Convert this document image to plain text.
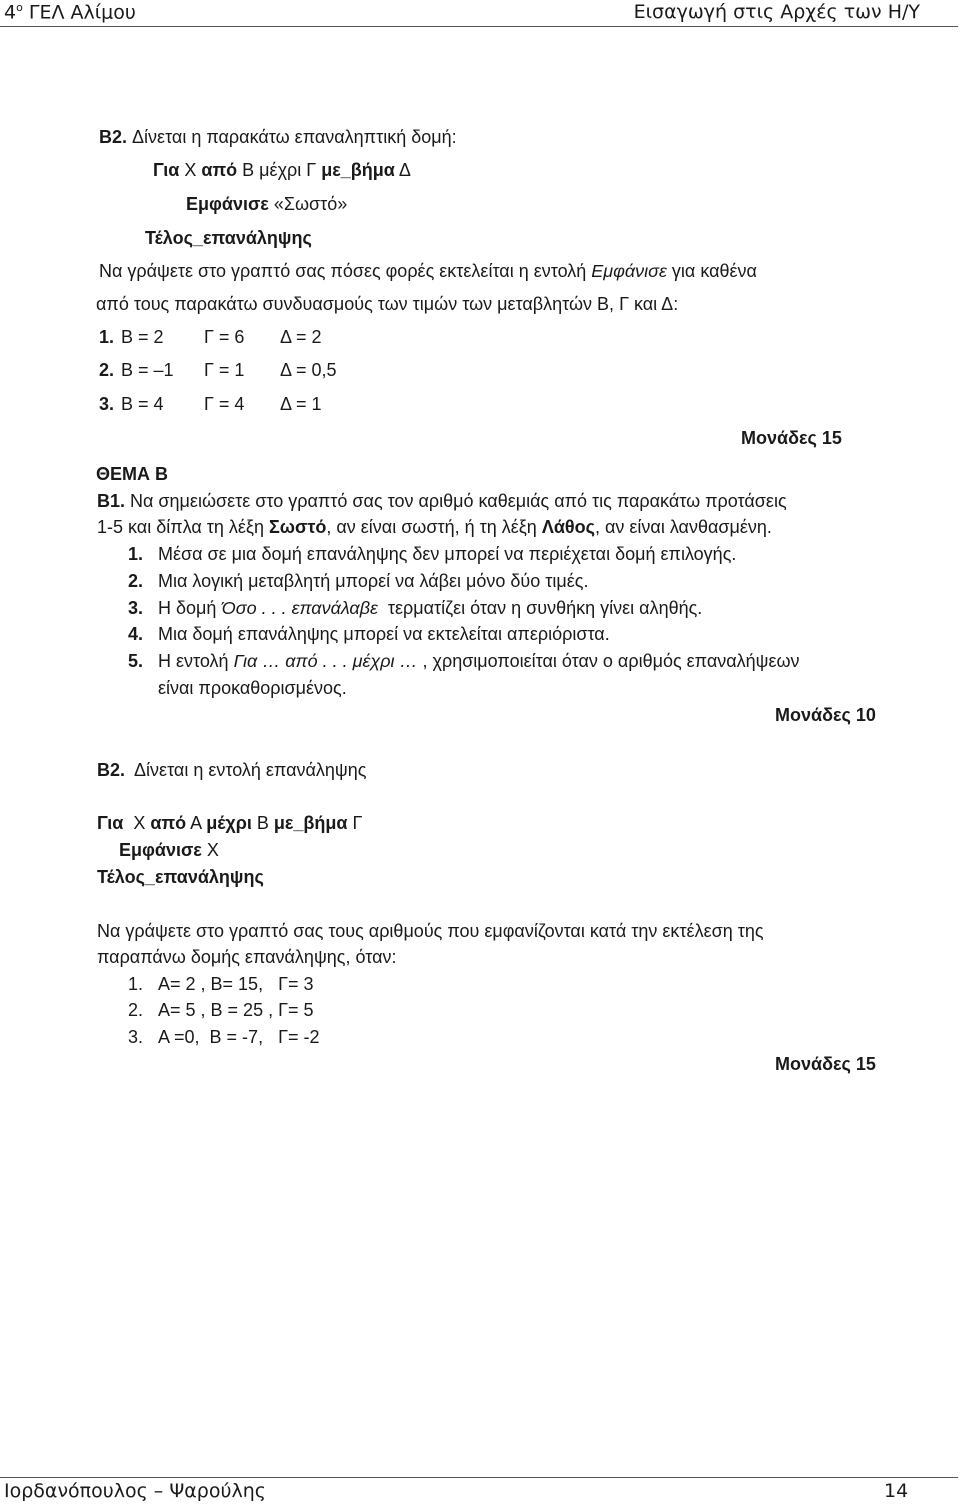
$4^o$ ΓΕΛ Αλίμου	Εισαγωγή στις Αρχές των Η/Υ
B2. Δίνεται η παρακάτω επαναληπτική δομή:
Για Χ από Β μέχρι Γ με_βήμα Δ
Εμφάνισε «Σωστό»
Τέλος_επανάληψης
Να γράψετε στο γραπτό σας πόσες φορές εκτελείται η εντολή Εμφάνισε για καθένα
από τους παρακάτω συνδυασμούς των τιμών των μεταβλητών Β, Γ και Δ:
1. Β = 2 Γ = 6 Δ = 2
2. Β = –1 Γ = 1 Δ = 0,5
3. Β = 4 Γ = 4 Δ = 1
Μονάδες 15
ΘΕΜΑ Β
Β1. Να σημειώσετε στο γραπτό σας τον αριθμό καθεμιάς από τις παρακάτω προτάσεις
1-5 και δίπλα τη λέξη Σωστό, αν είναι σωστή, ή τη λέξη Λάθος, αν είναι λανθασμένη.
1. Μέσα σε μια δομή επανάληψης δεν μπορεί να περιέχεται δομή επιλογής.
2. Μια λογική μεταβλητή μπορεί να λάβει μόνο δύο τιμές.
3. Η δομή Όσο . . . επανάλαβε  τερματίζει όταν η συνθήκη γίνει αληθής.
4. Μια δομή επανάληψης μπορεί να εκτελείται απεριόριστα.
5. Η εντολή Για … από . . . μέχρι … , χρησιμοποιείται όταν ο αριθμός επαναλήψεων
είναι προκαθορισμένος.
Μονάδες 10
Β2.  Δίνεται η εντολή επανάληψης
Για  Χ από Α μέχρι Β με_βήμα Γ
Εμφάνισε Χ
Τέλος_επανάληψης
Να γράψετε στο γραπτό σας τους αριθμούς που εμφανίζονται κατά την εκτέλεση της
παραπάνω δομής επανάληψης, όταν:
1. Α= 2 , Β= 15,   Γ= 3
2. Α= 5 , Β = 25 , Γ= 5
3. Α =0,  Β = -7,   Γ= -2
Μονάδες 15
Ιορδανόπουλος – Ψαρούλης	14
